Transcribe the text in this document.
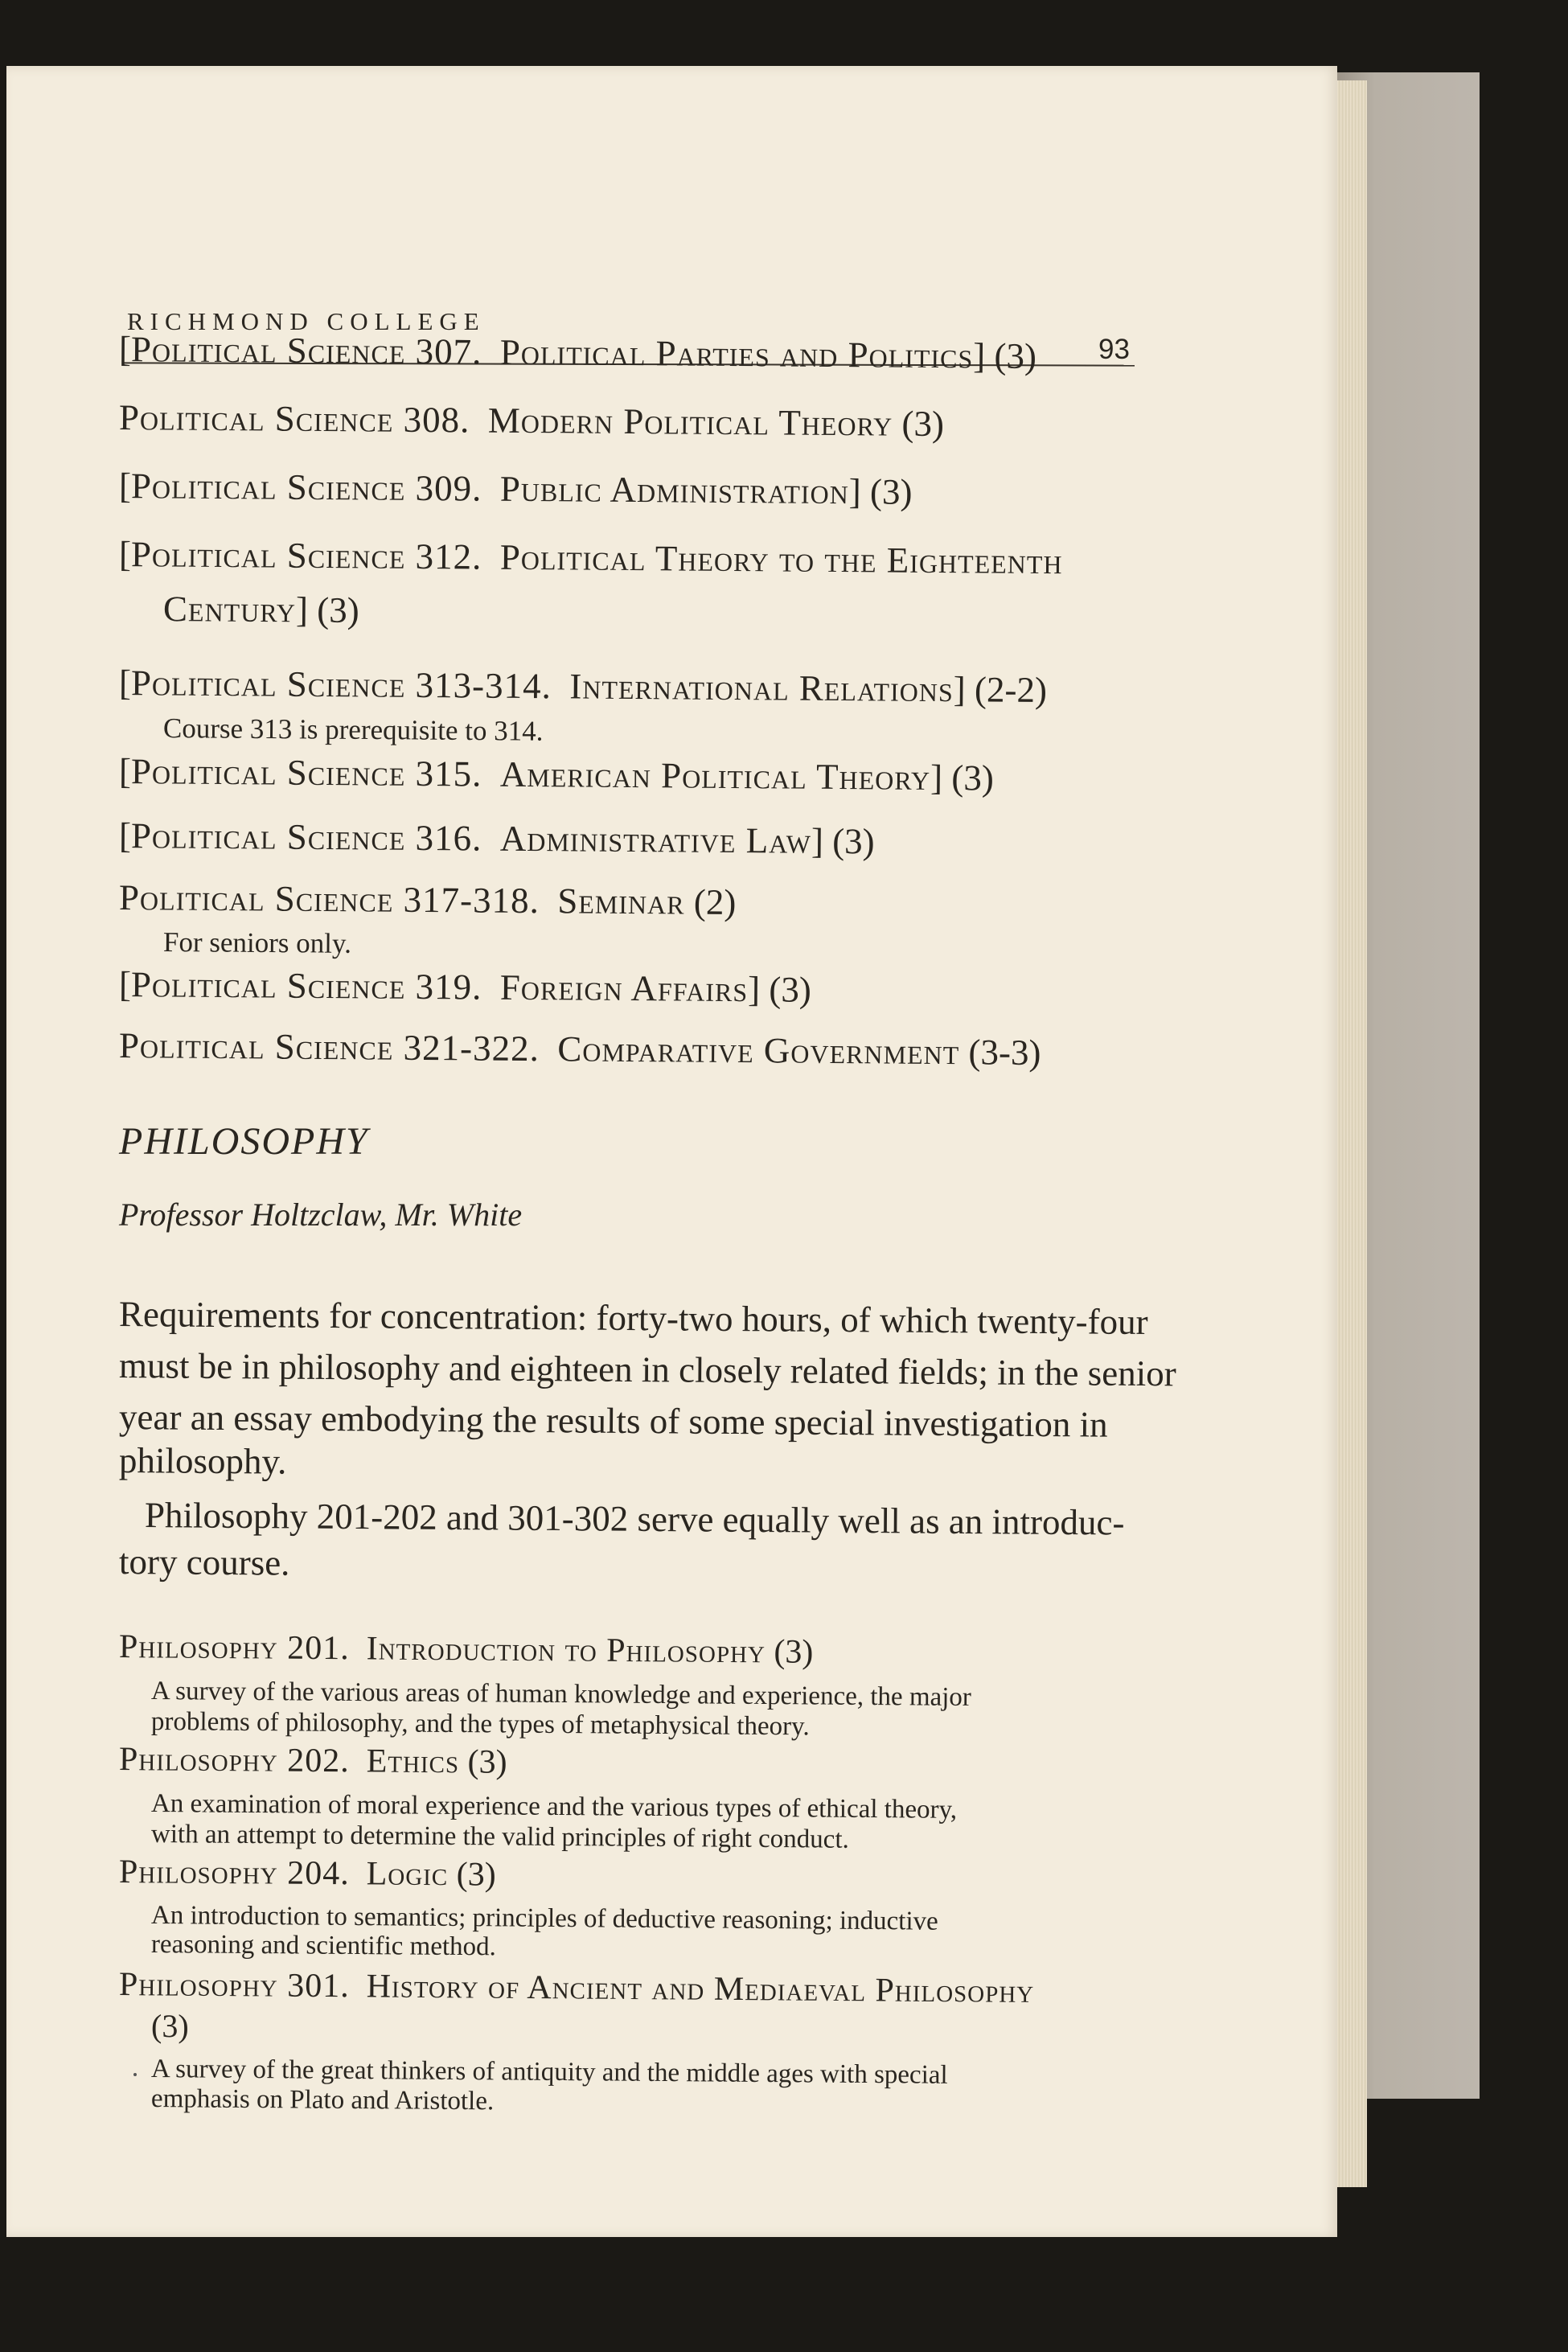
RICHMOND COLLEGE
93
[Political Science 307. Political Parties and Politics] (3)
Political Science 308. Modern Political Theory (3)
[Political Science 309. Public Administration] (3)
[Political Science 312. Political Theory to the Eighteenth
Century] (3)
[Political Science 313-314. International Relations] (2-2)
Course 313 is prerequisite to 314.
[Political Science 315. American Political Theory] (3)
[Political Science 316. Administrative Law] (3)
Political Science 317-318. Seminar (2)
For seniors only.
[Political Science 319. Foreign Affairs] (3)
Political Science 321-322. Comparative Government (3-3)
PHILOSOPHY
Professor Holtzclaw, Mr. White
Requirements for concentration: forty-two hours, of which twenty-four
must be in philosophy and eighteen in closely related fields; in the senior
year an essay embodying the results of some special investigation in
philosophy.
Philosophy 201-202 and 301-302 serve equally well as an introduc-
tory course.
Philosophy 201. Introduction to Philosophy (3)
A survey of the various areas of human knowledge and experience, the major
problems of philosophy, and the types of metaphysical theory.
Philosophy 202. Ethics (3)
An examination of moral experience and the various types of ethical theory,
with an attempt to determine the valid principles of right conduct.
Philosophy 204. Logic (3)
An introduction to semantics; principles of deductive reasoning; inductive
reasoning and scientific method.
Philosophy 301. History of Ancient and Mediaeval Philosophy
(3)
A survey of the great thinkers of antiquity and the middle ages with special
emphasis on Plato and Aristotle.
